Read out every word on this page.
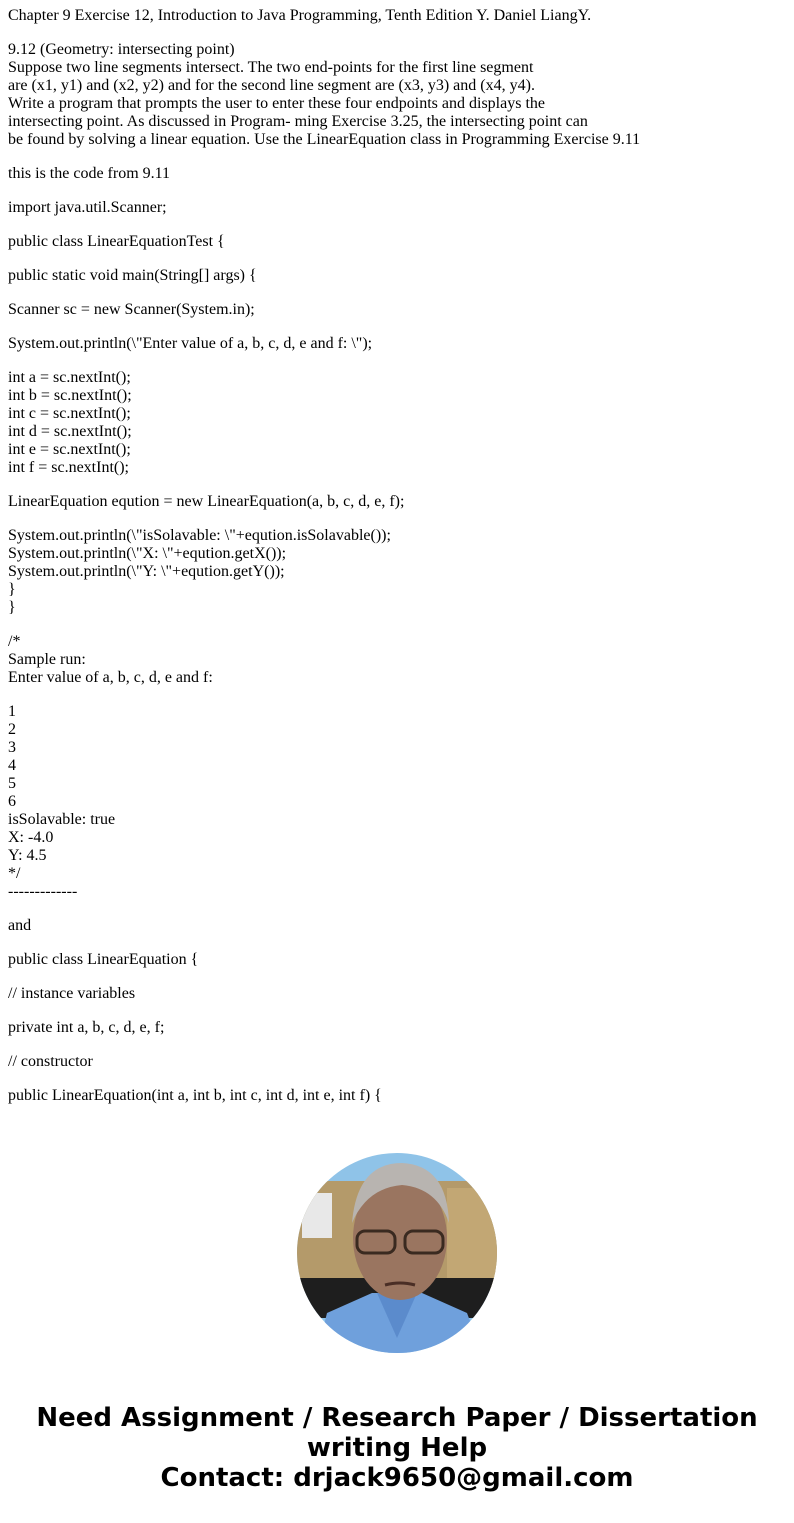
Chapter 9 Exercise 12, Introduction to Java Programming, Tenth Edition Y. Daniel LiangY.
9.12 (Geometry: intersecting point)
Suppose two line segments intersect. The two end-points for the first line segment
are (x1, y1) and (x2, y2) and for the second line segment are (x3, y3) and (x4, y4).
Write a program that prompts the user to enter these four endpoints and displays the
intersecting point. As discussed in Program- ming Exercise 3.25, the intersecting point can
be found by solving a linear equation. Use the LinearEquation class in Programming Exercise 9.11
this is the code from 9.11
import java.util.Scanner;
public class LinearEquationTest {
public static void main(String[] args) {
Scanner sc = new Scanner(System.in);
System.out.println(\"Enter value of a, b, c, d, e and f: \");
int a = sc.nextInt();
int b = sc.nextInt();
int c = sc.nextInt();
int d = sc.nextInt();
int e = sc.nextInt();
int f = sc.nextInt();
LinearEquation eqution = new LinearEquation(a, b, c, d, e, f);
System.out.println(\"isSolavable: \"+eqution.isSolavable());
System.out.println(\"X: \"+eqution.getX());
System.out.println(\"Y: \"+eqution.getY());
}
}
/*
Sample run:
Enter value of a, b, c, d, e and f:
1
2
3
4
5
6
isSolavable: true
X: -4.0
Y: 4.5
*/
-------------
and
public class LinearEquation {
// instance variables
private int a, b, c, d, e, f;
// constructor
public LinearEquation(int a, int b, int c, int d, int e, int f) {
Need Assignment / Research Paper / Dissertation
writing Help
Contact: drjack9650@gmail.com
